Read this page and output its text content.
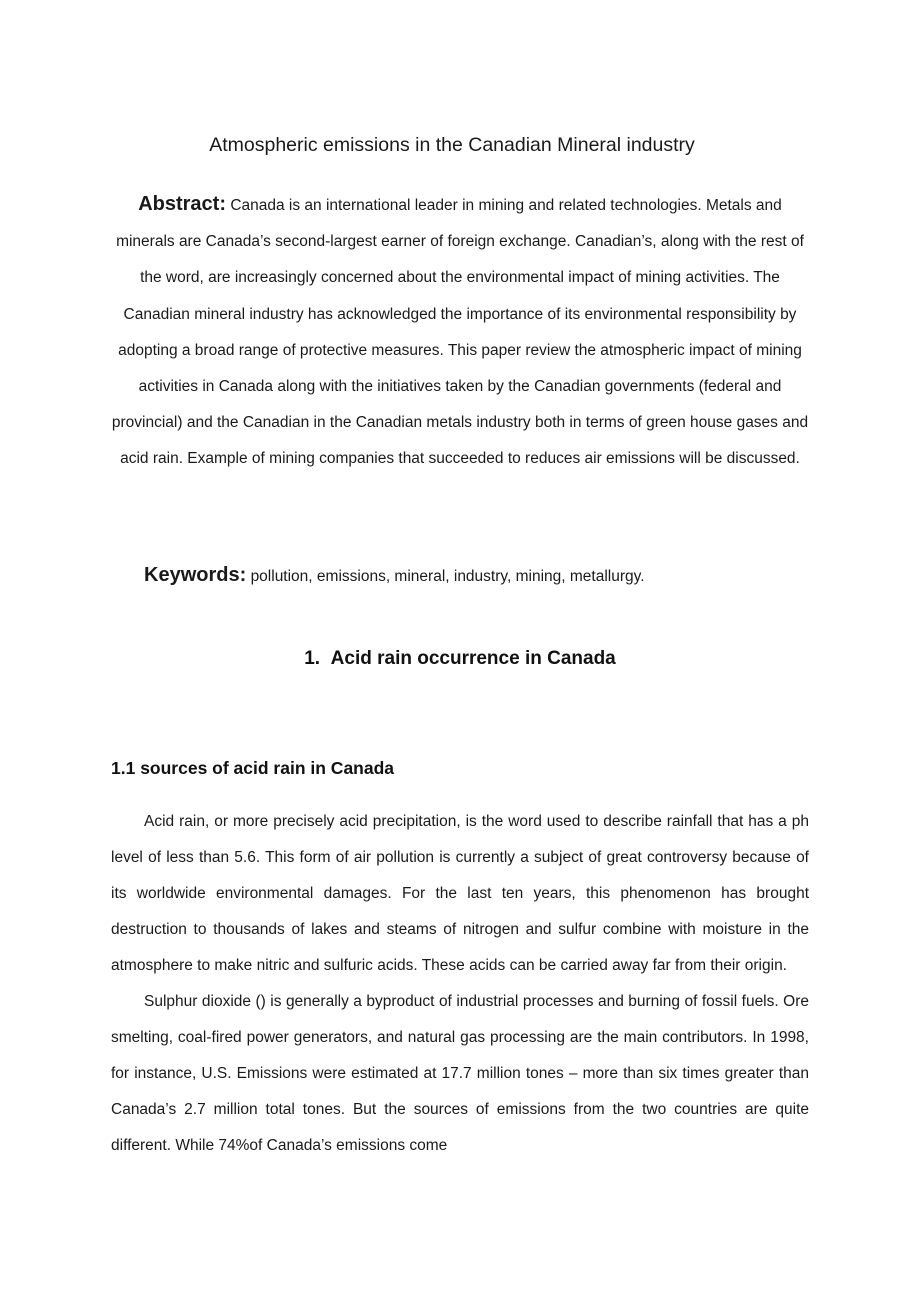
Atmospheric emissions in the Canadian Mineral industry
Abstract: Canada is an international leader in mining and related technologies. Metals and minerals are Canada’s second-largest earner of foreign exchange. Canadian’s, along with the rest of the word, are increasingly concerned about the environmental impact of mining activities. The Canadian mineral industry has acknowledged the importance of its environmental responsibility by adopting a broad range of protective measures. This paper review the atmospheric impact of mining activities in Canada along with the initiatives taken by the Canadian governments (federal and provincial) and the Canadian in the Canadian metals industry both in terms of green house gases and acid rain. Example of mining companies that succeeded to reduces air emissions will be discussed.
Keywords: pollution, emissions, mineral, industry, mining, metallurgy.
1. Acid rain occurrence in Canada
1.1 sources of acid rain in Canada

Acid rain, or more precisely acid precipitation, is the word used to describe rainfall that has a ph level of less than 5.6. This form of air pollution is currently a subject of great controversy because of its worldwide environmental damages. For the last ten years, this phenomenon has brought destruction to thousands of lakes and steams of nitrogen and sulfur combine with moisture in the atmosphere to make nitric and sulfuric acids. These acids can be carried away far from their origin.

Sulphur dioxide () is generally a byproduct of industrial processes and burning of fossil fuels. Ore smelting, coal-fired power generators, and natural gas processing are the main contributors. In 1998, for instance, U.S. Emissions were estimated at 17.7 million tones – more than six times greater than Canada’s 2.7 million total tones. But the sources of emissions from the two countries are quite different. While 74%of Canada’s emissions come
